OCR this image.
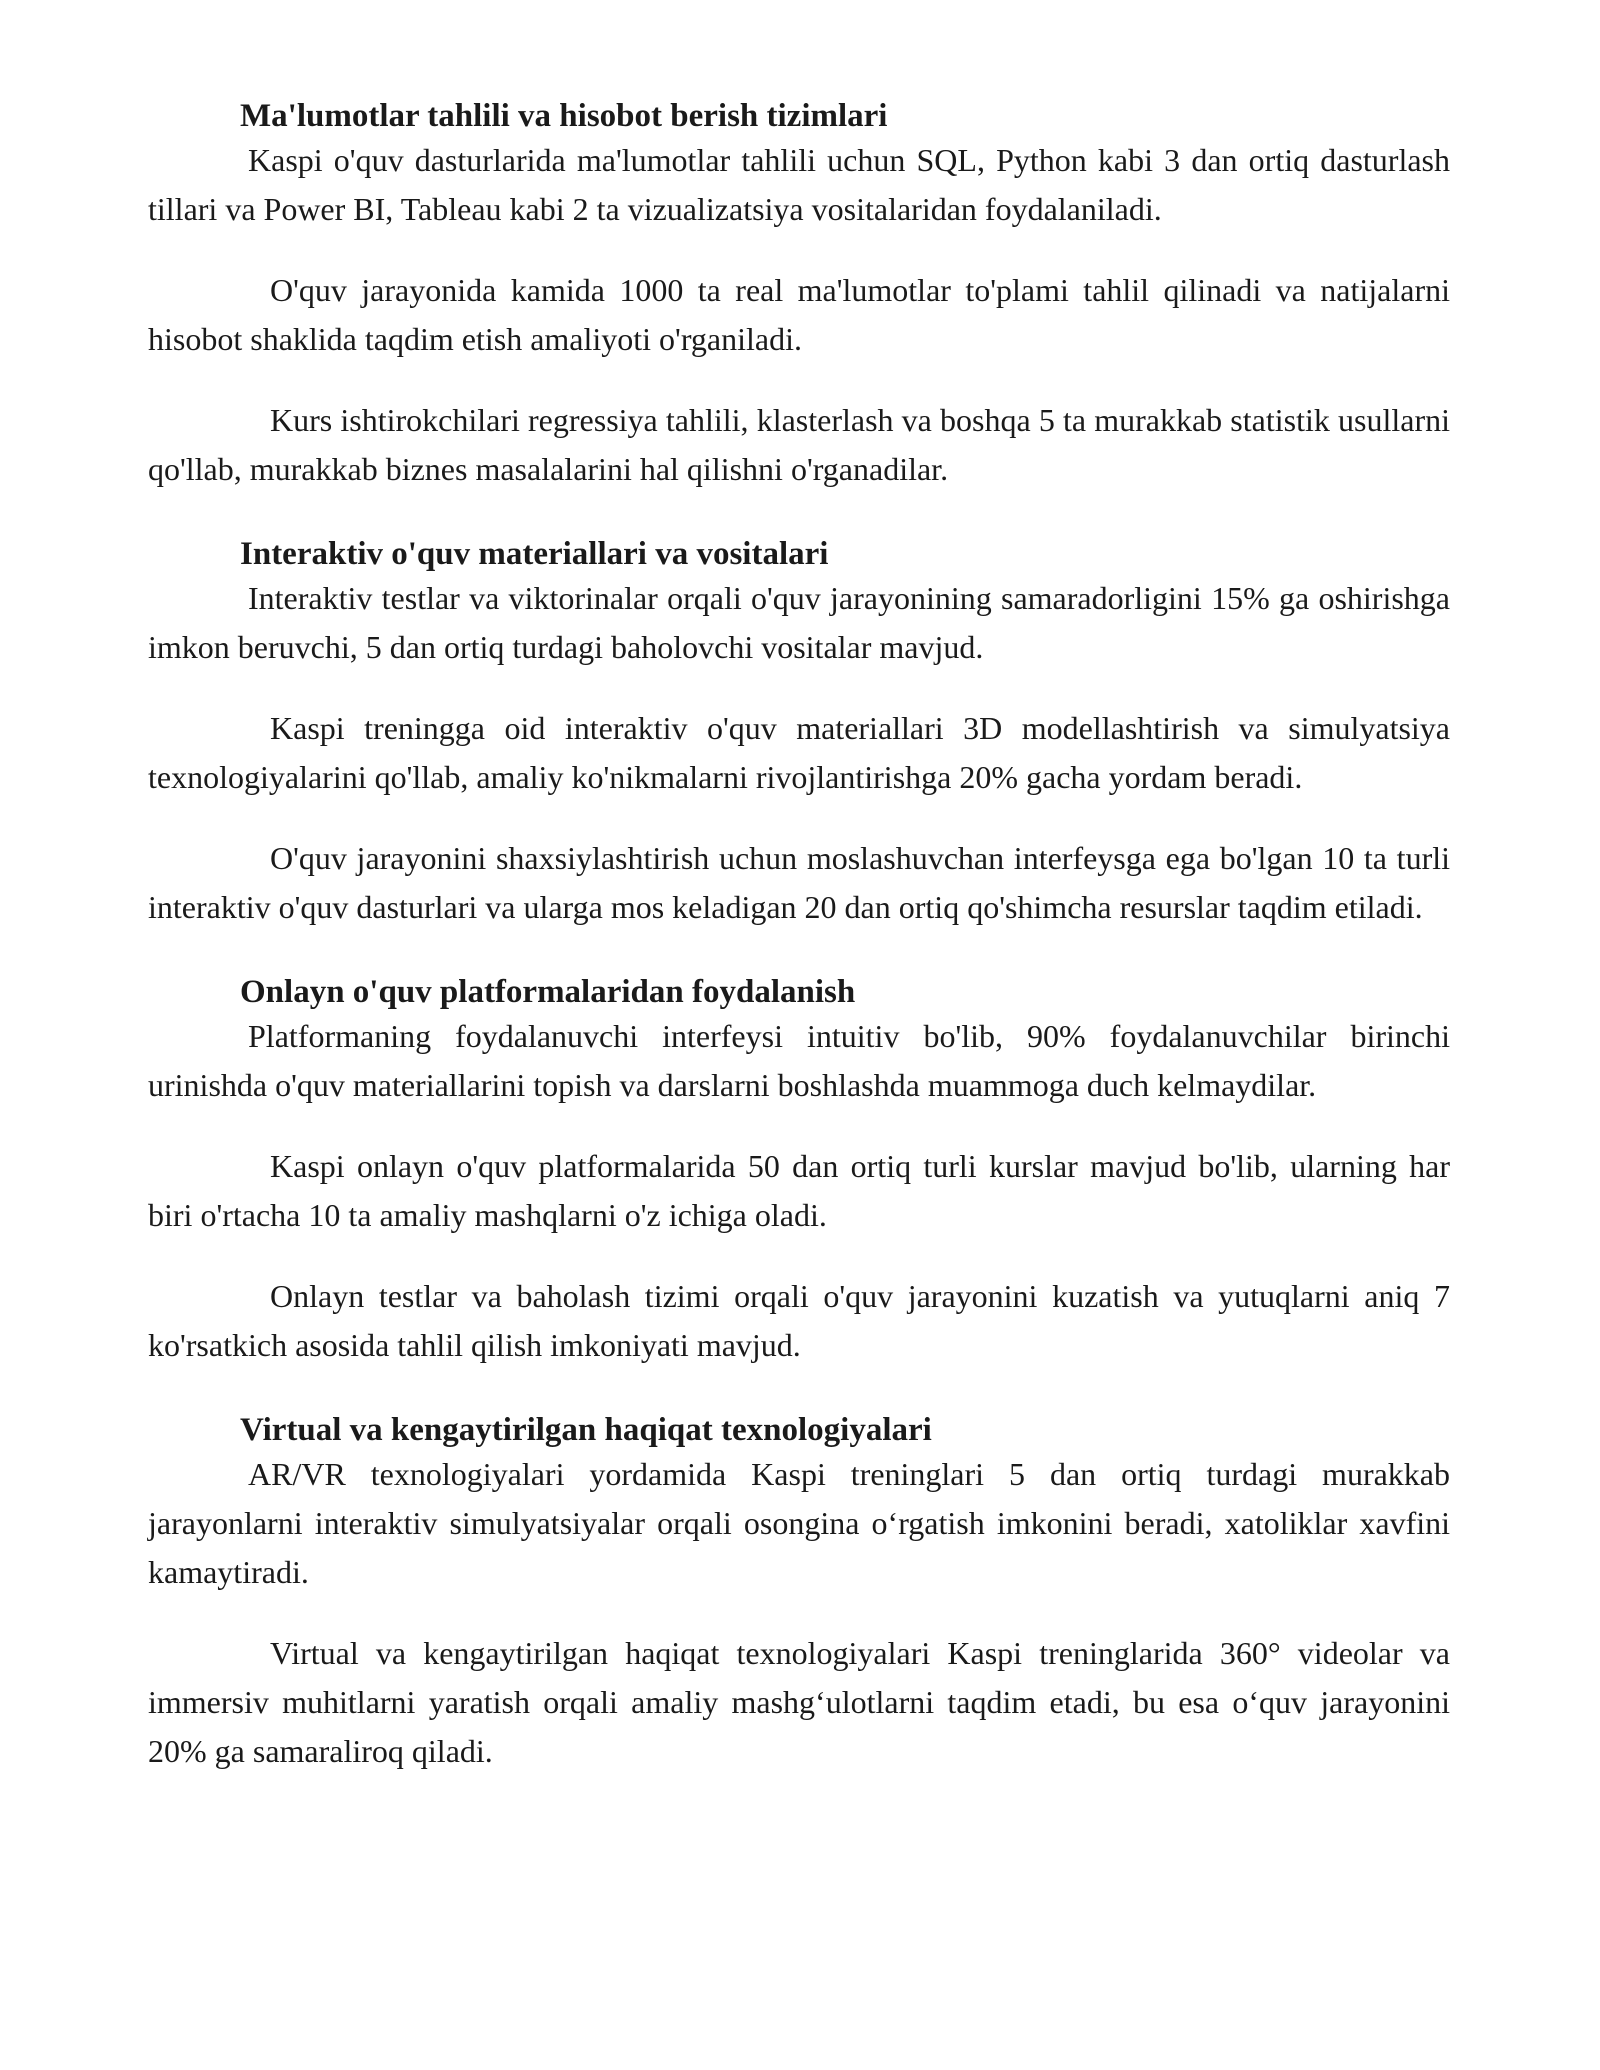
Ma'lumotlar tahlili va hisobot berish tizimlari

Kaspi o'quv dasturlarida ma'lumotlar tahlili uchun SQL, Python kabi 3 dan ortiq dasturlash tillari va Power BI, Tableau kabi 2 ta vizualizatsiya vositalaridan foydalaniladi.

O'quv jarayonida kamida 1000 ta real ma'lumotlar to'plami tahlil qilinadi va natijalarni hisobot shaklida taqdim etish amaliyoti o'rganiladi.

Kurs ishtirokchilari regressiya tahlili, klasterlash va boshqa 5 ta murakkab statistik usullarni qo'llab, murakkab biznes masalalarini hal qilishni o'rganadilar.

Interaktiv o'quv materiallari va vositalari

Interaktiv testlar va viktorinalar orqali o'quv jarayonining samaradorligini 15% ga oshirishga imkon beruvchi, 5 dan ortiq turdagi baholovchi vositalar mavjud.

Kaspi treningga oid interaktiv o'quv materiallari 3D modellashtirish va simulyatsiya texnologiyalarini qo'llab, amaliy ko'nikmalarni rivojlantirishga 20% gacha yordam beradi.

O'quv jarayonini shaxsiylashtirish uchun moslashuvchan interfeysga ega bo'lgan 10 ta turli interaktiv o'quv dasturlari va ularga mos keladigan 20 dan ortiq qo'shimcha resurslar taqdim etiladi.

Onlayn o'quv platformalaridan foydalanish

Platformaning foydalanuvchi interfeysi intuitiv bo'lib, 90% foydalanuvchilar birinchi urinishda o'quv materiallarini topish va darslarni boshlashda muammoga duch kelmaydilar.

Kaspi onlayn o'quv platformalarida 50 dan ortiq turli kurslar mavjud bo'lib, ularning har biri o'rtacha 10 ta amaliy mashqlarni o'z ichiga oladi.

Onlayn testlar va baholash tizimi orqali o'quv jarayonini kuzatish va yutuqlarni aniq 7 ko'rsatkich asosida tahlil qilish imkoniyati mavjud.

Virtual va kengaytirilgan haqiqat texnologiyalari

AR/VR texnologiyalari yordamida Kaspi treninglari 5 dan ortiq turdagi murakkab jarayonlarni interaktiv simulyatsiyalar orqali osongina o‘rgatish imkonini beradi, xatoliklar xavfini kamaytiradi.

Virtual va kengaytirilgan haqiqat texnologiyalari Kaspi treninglarida 360° videolar va immersiv muhitlarni yaratish orqali amaliy mashg‘ulotlarni taqdim etadi, bu esa o‘quv jarayonini 20% ga samaraliroq qiladi.
